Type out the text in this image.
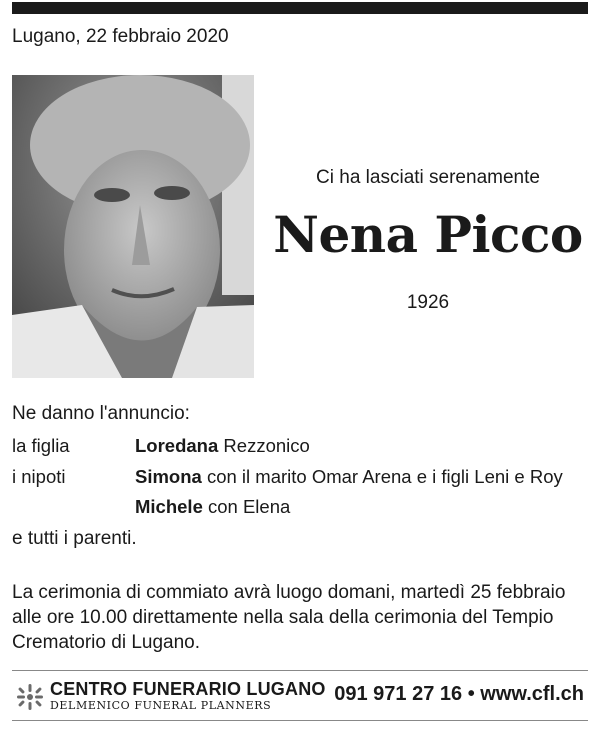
Lugano, 22 febbraio 2020
Ci ha lasciati serenamente
Nena Picco
1926
Ne danno l'annuncio:
la figlia	Loredana Rezzonico
i nipoti	Simona con il marito Omar Arena e i figli Leni e Roy
Michele con Elena
e tutti i parenti.
La cerimonia di commiato avrà luogo domani, martedì 25 febbraio alle ore 10.00 direttamente nella sala della cerimonia del Tempio Crematorio di Lugano.
CENTRO FUNERARIO LUGANO
DELMENICO FUNERAL PLANNERS
091 971 27 16 • www.cfl.ch
